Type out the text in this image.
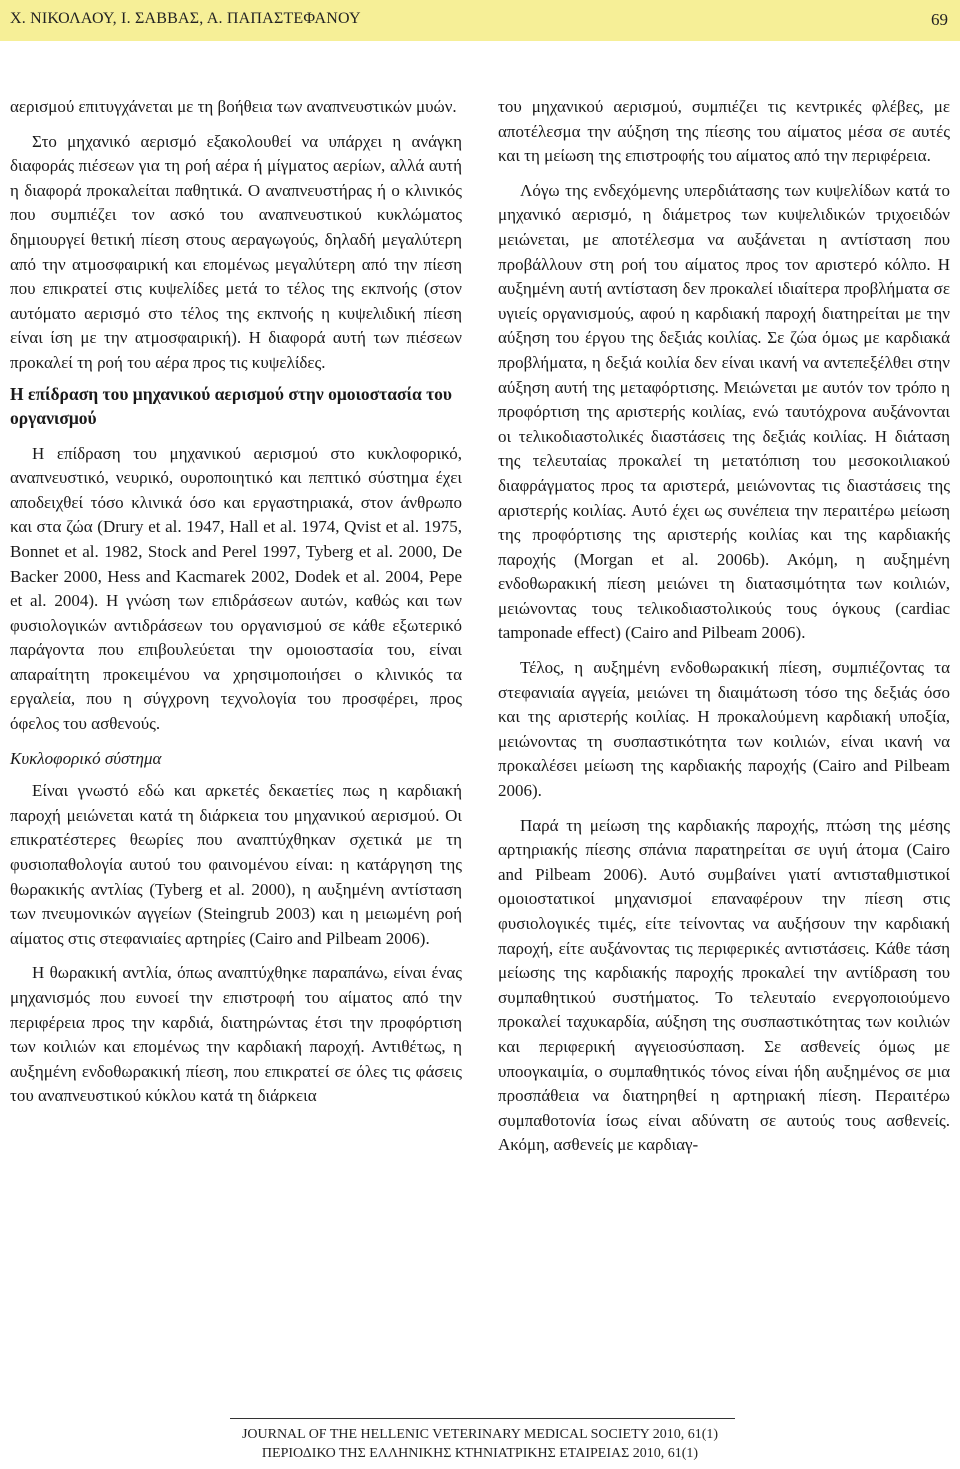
Χ. ΝΙΚΟΛΑΟΥ, Ι. ΣΑΒΒΑΣ, Α. ΠΑΠΑΣΤΕΦΑΝΟΥ	69

αερισμού επιτυγχάνεται με τη βοήθεια των αναπνευστικών μυών.

Στο μηχανικό αερισμό εξακολουθεί να υπάρχει η ανάγκη διαφοράς πιέσεων για τη ροή αέρα ή μίγματος αερίων, αλλά αυτή η διαφορά προκαλείται παθητικά. Ο αναπνευστήρας ή ο κλινικός που συμπιέζει τον ασκό του αναπνευστικού κυκλώματος δημιουργεί θετική πίεση στους αεραγωγούς, δηλαδή μεγαλύτερη από την ατμοσφαιρική και επομένως μεγαλύτερη από την πίεση που επικρατεί στις κυψελίδες μετά το τέλος της εκπνοής (στον αυτόματο αερισμό στο τέλος της εκπνοής η κυψελιδική πίεση είναι ίση με την ατμοσφαιρική). Η διαφορά αυτή των πιέσεων προκαλεί τη ροή του αέρα προς τις κυψελίδες.

Η επίδραση του μηχανικού αερισμού στην ομοιοστασία του οργανισμού

Η επίδραση του μηχανικού αερισμού στο κυκλοφορικό, αναπνευστικό, νευρικό, ουροποιητικό και πεπτικό σύστημα έχει αποδειχθεί τόσο κλινικά όσο και εργαστηριακά, στον άνθρωπο και στα ζώα (Drury et al. 1947, Hall et al. 1974, Qvist et al. 1975, Bonnet et al. 1982, Stock and Perel 1997, Tyberg et al. 2000, De Backer 2000, Hess and Kacmarek 2002, Dodek et al. 2004, Pepe et al. 2004). Η γνώση των επιδράσεων αυτών, καθώς και των φυσιολογικών αντιδράσεων του οργανισμού σε κάθε εξωτερικό παράγοντα που επιβουλεύεται την ομοιοστασία του, είναι απαραίτητη προκειμένου να χρησιμοποιήσει ο κλινικός τα εργαλεία, που η σύγχρονη τεχνολογία του προσφέρει, προς όφελος του ασθενούς.

Κυκλοφορικό σύστημα

Είναι γνωστό εδώ και αρκετές δεκαετίες πως η καρδιακή παροχή μειώνεται κατά τη διάρκεια του μηχανικού αερισμού. Οι επικρατέστερες θεωρίες που αναπτύχθηκαν σχετικά με τη φυσιοπαθολογία αυτού του φαινομένου είναι: η κατάργηση της θωρακικής αντλίας (Tyberg et al. 2000), η αυξημένη αντίσταση των πνευμονικών αγγείων (Steingrub 2003) και η μειωμένη ροή αίματος στις στεφανιαίες αρτηρίες (Cairo and Pilbeam 2006).

Η θωρακική αντλία, όπως αναπτύχθηκε παραπάνω, είναι ένας μηχανισμός που ευνοεί την επιστροφή του αίματος από την περιφέρεια προς την καρδιά, διατηρώντας έτσι την προφόρτιση των κοιλιών και επομένως την καρδιακή παροχή. Αντιθέτως, η αυξημένη ενδοθωρακική πίεση, που επικρατεί σε όλες τις φάσεις του αναπνευστικού κύκλου κατά τη διάρκεια

του μηχανικού αερισμού, συμπιέζει τις κεντρικές φλέβες, με αποτέλεσμα την αύξηση της πίεσης του αίματος μέσα σε αυτές και τη μείωση της επιστροφής του αίματος από την περιφέρεια.

Λόγω της ενδεχόμενης υπερδιάτασης των κυψελίδων κατά το μηχανικό αερισμό, η διάμετρος των κυψελιδικών τριχοειδών μειώνεται, με αποτέλεσμα να αυξάνεται η αντίσταση που προβάλλουν στη ροή του αίματος προς τον αριστερό κόλπο. Η αυξημένη αυτή αντίσταση δεν προκαλεί ιδιαίτερα προβλήματα σε υγιείς οργανισμούς, αφού η καρδιακή παροχή διατηρείται με την αύξηση του έργου της δεξιάς κοιλίας. Σε ζώα όμως με καρδιακά προβλήματα, η δεξιά κοιλία δεν είναι ικανή να αντεπεξέλθει στην αύξηση αυτή της μεταφόρτισης. Μειώνεται με αυτόν τον τρόπο η προφόρτιση της αριστερής κοιλίας, ενώ ταυτόχρονα αυξάνονται οι τελικοδιαστολικές διαστάσεις της δεξιάς κοιλίας. Η διάταση της τελευταίας προκαλεί τη μετατόπιση του μεσοκοιλιακού διαφράγματος προς τα αριστερά, μειώνοντας τις διαστάσεις της αριστερής κοιλίας. Αυτό έχει ως συνέπεια την περαιτέρω μείωση της προφόρτισης της αριστερής κοιλίας και της καρδιακής παροχής (Morgan et al. 2006b). Ακόμη, η αυξημένη ενδοθωρακική πίεση μειώνει τη διατασιμότητα των κοιλιών, μειώνοντας τους τελικοδιαστολικούς τους όγκους (cardiac tamponade effect) (Cairo and Pilbeam 2006).

Τέλος, η αυξημένη ενδοθωρακική πίεση, συμπιέζοντας τα στεφανιαία αγγεία, μειώνει τη διαιμάτωση τόσο της δεξιάς όσο και της αριστερής κοιλίας. Η προκαλούμενη καρδιακή υποξία, μειώνοντας τη συσπαστικότητα των κοιλιών, είναι ικανή να προκαλέσει μείωση της καρδιακής παροχής (Cairo and Pilbeam 2006).

Παρά τη μείωση της καρδιακής παροχής, πτώση της μέσης αρτηριακής πίεσης σπάνια παρατηρείται σε υγιή άτομα (Cairo and Pilbeam 2006). Αυτό συμβαίνει γιατί αντισταθμιστικοί ομοιοστατικοί μηχανισμοί επαναφέρουν την πίεση στις φυσιολογικές τιμές, είτε τείνοντας να αυξήσουν την καρδιακή παροχή, είτε αυξάνοντας τις περιφερικές αντιστάσεις. Κάθε τάση μείωσης της καρδιακής παροχής προκαλεί την αντίδραση του συμπαθητικού συστήματος. Το τελευταίο ενεργοποιούμενο προκαλεί ταχυκαρδία, αύξηση της συσπαστικότητας των κοιλιών και περιφερική αγγειοσύσπαση. Σε ασθενείς όμως με υποογκαιμία, ο συμπαθητικός τόνος είναι ήδη αυξημένος σε μια προσπάθεια να διατηρηθεί η αρτηριακή πίεση. Περαιτέρω συμπαθοτονία ίσως είναι αδύνατη σε αυτούς τους ασθενείς. Ακόμη, ασθενείς με καρδιαγ-

JOURNAL OF THE HELLENIC VETERINARY MEDICAL SOCIETY 2010, 61(1)
ΠΕΡΙΟΔΙΚΟ ΤΗΣ ΕΛΛΗΝΙΚΗΣ ΚΤΗΝΙΑΤΡΙΚΗΣ ΕΤΑΙΡΕΙΑΣ 2010, 61(1)
